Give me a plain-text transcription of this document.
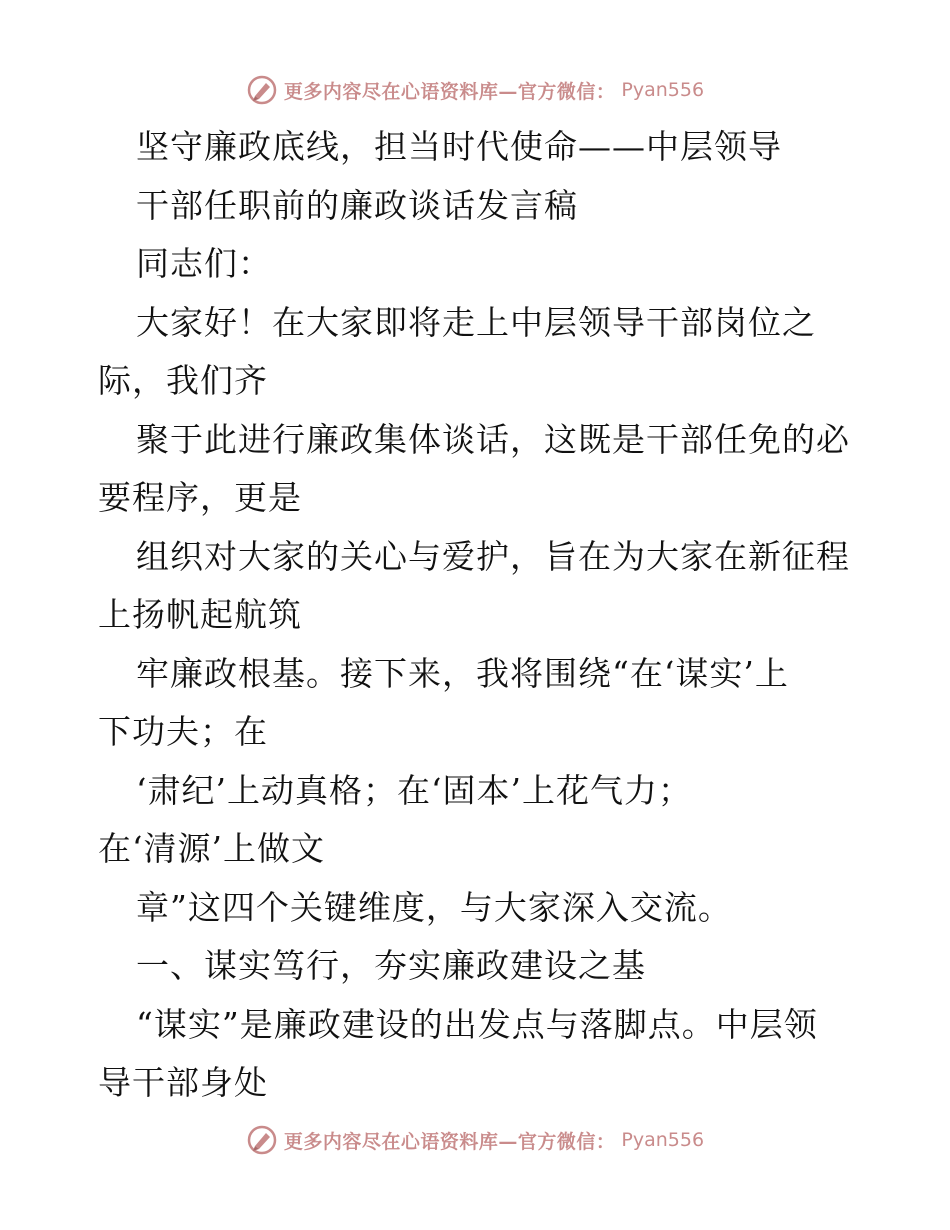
更多内容尽在心语资料库—官方微信： Pyan556
坚守廉政底线，担当时代使命——中层领导
干部任职前的廉政谈话发言稿
同志们：
大家好！在大家即将走上中层领导干部岗位之
际，我们齐
聚于此进行廉政集体谈话，这既是干部任免的必
要程序，更是
组织对大家的关心与爱护，旨在为大家在新征程
上扬帆起航筑
牢廉政根基。接下来，我将围绕“在‘谋实’上
下功夫；在
‘肃纪’上动真格；在‘固本’上花气力；
在‘清源’上做文
章”这四个关键维度，与大家深入交流。
一、谋实笃行，夯实廉政建设之基
“谋实”是廉政建设的出发点与落脚点。中层领
导干部身处
更多内容尽在心语资料库—官方微信： Pyan556
